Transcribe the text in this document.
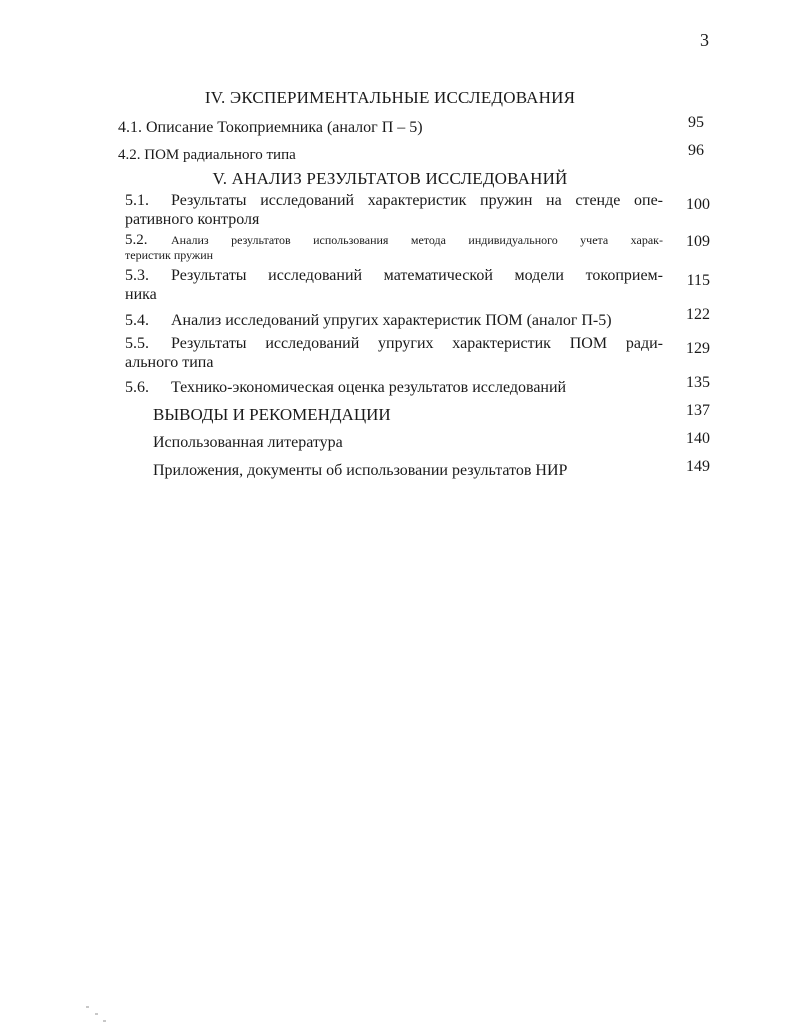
3
IV. ЭКСПЕРИМЕНТАЛЬНЫЕ ИССЛЕДОВАНИЯ
4.1. Описание Токоприемника (аналог П – 5)	95
4.2. ПОМ радиального типа	96
V. АНАЛИЗ РЕЗУЛЬТАТОВ ИССЛЕДОВАНИЙ
5.1. Результаты исследований характеристик пружин на стенде опе-
ративного контроля
100
5.2. Анализ результатов использования метода индивидуального учета харак-
теристик пружин
109
5.3. Результаты исследований математической модели токоприем-
ника
115
5.4. Анализ исследований упругих характеристик ПОМ (аналог П-5)	122
5.5. Результаты исследований упругих характеристик ПОМ ради-
ального типа
129
5.6. Технико-экономическая оценка результатов исследований	135
ВЫВОДЫ И РЕКОМЕНДАЦИИ	137
Использованная литература	140
Приложения, документы об использовании результатов НИР	149
